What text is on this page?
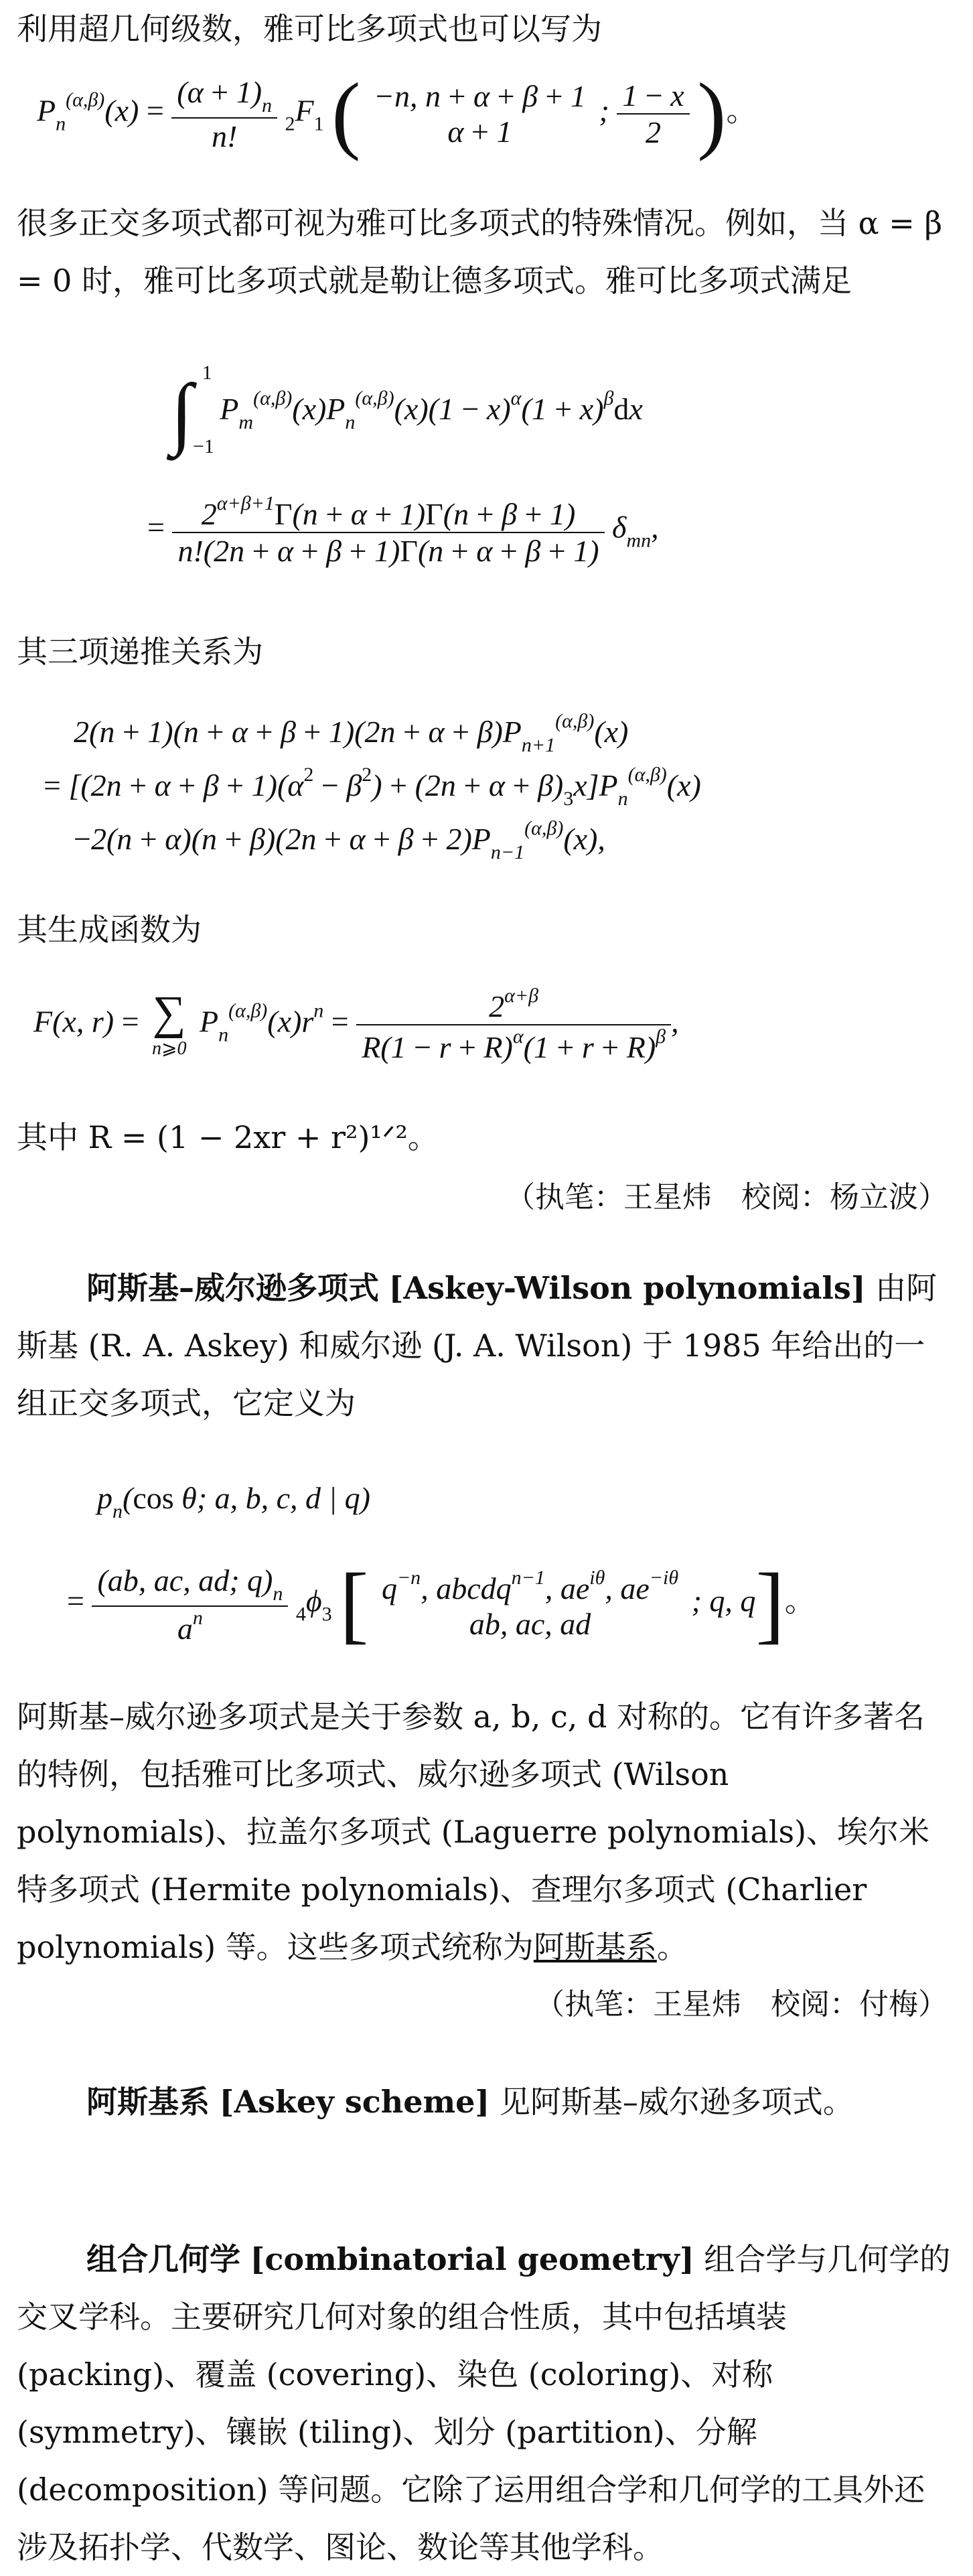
利用超几何级数，雅可比多项式也可以写为

$P_n^{(\alpha,\beta)}(x) = \frac{(\alpha + 1)_n}{n!} _2F_1$ ( −n, n + α + β + 1
α + 1
; $\frac{1 - x}{2}$ )。

很多正交多项式都可视为雅可比多项式的特殊情况。例如，当 α = β = 0 时，雅可比多项式就是勒让德多项式。雅可比多项式满足

$\int_{-1}^1$ $P_m^{(\alpha,\beta)}(x)P_n^{(\alpha,\beta)}(x)(1 - x)^\alpha(1 + x)^\beta dx$
= $\frac{2^{\alpha+\beta+1}\Gamma(n + \alpha + 1)\Gamma(n + \beta + 1)}{n!(2n + \alpha + \beta + 1)\Gamma(n + \alpha + \beta + 1)} \delta_{mn}$,

其三项递推关系为

$2(n + 1)(n + \alpha + \beta + 1)(2n + \alpha + \beta)P_{n+1}^{(\alpha,\beta)}(x)$
= $[(2n + \alpha + \beta + 1)(\alpha^2 - \beta^2) + (2n + \alpha + \beta)_3x]P_n^{(\alpha,\beta)}(x)$
$-2(n + \alpha)(n + \beta)(2n + \alpha + \beta + 2)P_{n-1}^{(\alpha,\beta)}(x)$,

其生成函数为

F(x, r) = ∑
n⩾0
$P_n^{(\alpha,\beta)}(x)r^n = \frac{2^{\alpha+\beta}}{R(1 - r + R)^\alpha(1 + r + R)^\beta}$ ,

其中 R = (1 − 2xr + r²)¹ᐟ²。

（执笔：王星炜　校阅：杨立波）

阿斯基–威尔逊多项式 [Askey-Wilson polynomials] 由阿斯基 (R. A. Askey) 和威尔逊 (J. A. Wilson) 于 1985 年给出的一组正交多项式，它定义为

$p_n(\cos$ θ; a, b, c, d | q)
= $\frac{(ab, ac, ad; q)_n}{a^n} _4\phi_3$ [ $q^{-n}$, abcdq$^{n-1}$, $ae^{i\theta}$, $ae^{-i\theta}$
ab, ac, ad
; q, q]。

阿斯基–威尔逊多项式是关于参数 a, b, c, d 对称的。它有许多著名的特例，包括雅可比多项式、威尔逊多项式 (Wilson polynomials)、拉盖尔多项式 (Laguerre polynomials)、埃尔米特多项式 (Hermite polynomials)、查理尔多项式 (Charlier polynomials) 等。这些多项式统称为阿斯基系。

（执笔：王星炜　校阅：付梅）

阿斯基系 [Askey scheme] 见阿斯基–威尔逊多项式。

组合几何学 [combinatorial geometry] 组合学与几何学的交叉学科。主要研究几何对象的组合性质，其中包括填装 (packing)、覆盖 (covering)、染色 (coloring)、对称 (symmetry)、镶嵌 (tiling)、划分 (partition)、分解 (decomposition) 等问题。它除了运用组合学和几何学的工具外还涉及拓扑学、代数学、图论、数论等其他学科。
